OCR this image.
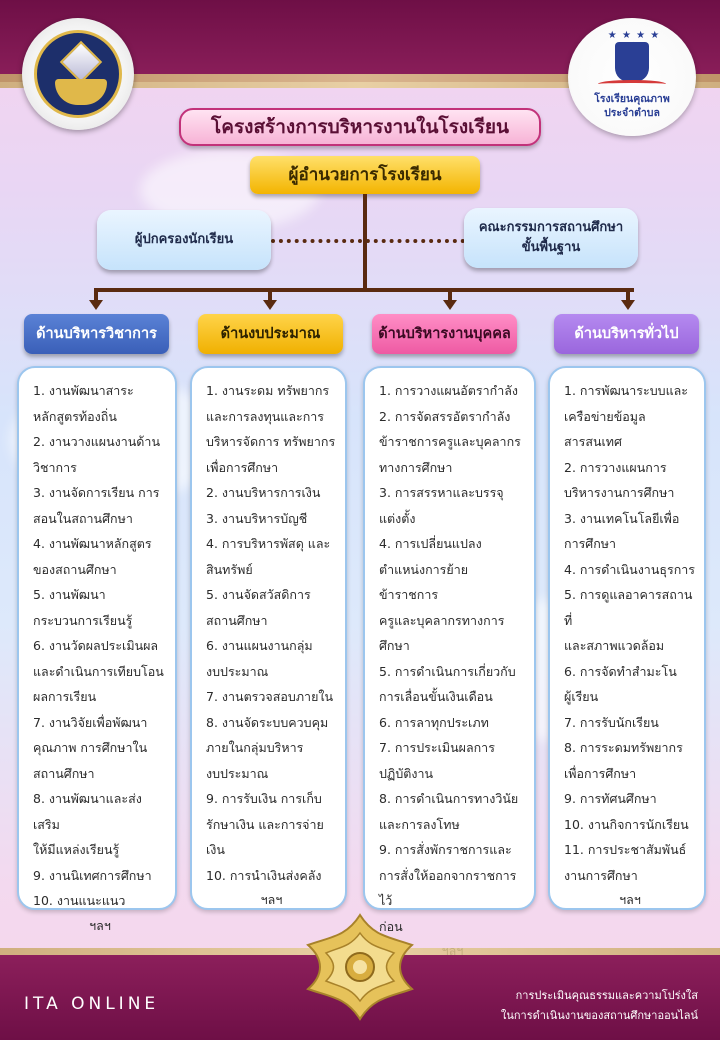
★ ★ ★ ★
โรงเรียนคุณภาพ
ประจำตำบล
โครงสร้างการบริหารงานในโรงเรียน
ผู้อำนวยการโรงเรียน
ผู้ปกครองนักเรียน
คณะกรรมการสถานศึกษา
ขั้นพื้นฐาน
ด้านบริหารวิชาการ	ด้านงบประมาณ	ด้านบริหารงานบุคคล	ด้านบริหารทั่วไป
1. งานพัฒนาสาระ
หลักสูตรท้องถิ่น
2. งานวางแผนงานด้าน
วิชาการ
3. งานจัดการเรียน การ
สอนในสถานศึกษา
4. งานพัฒนาหลักสูตร
ของสถานศึกษา
5. งานพัฒนา
กระบวนการเรียนรู้
6. งานวัดผลประเมินผล
และดำเนินการเทียบโอน
ผลการเรียน
7. งานวิจัยเพื่อพัฒนา
คุณภาพ การศึกษาใน
สถานศึกษา
8. งานพัฒนาและส่งเสริม
ให้มีแหล่งเรียนรู้
9. งานนิเทศการศึกษา
10. งานแนะแนว
ฯลฯ
1. งานระดม ทรัพยากร
และการลงทุนและการ
บริหารจัดการ ทรัพยากร
เพื่อการศึกษา
2. งานบริหารการเงิน
3. งานบริหารบัญชี
4. การบริหารพัสดุ และ
สินทรัพย์
5. งานจัดสวัสดิการ
สถานศึกษา
6. งานแผนงานกลุ่ม
งบประมาณ
7. งานตรวจสอบภายใน
8. งานจัดระบบควบคุม
ภายในกลุ่มบริหาร
งบประมาณ
9. การรับเงิน การเก็บ
รักษาเงิน และการจ่ายเงิน
10. การนำเงินส่งคลัง
ฯลฯ
1. การวางแผนอัตรากำลัง
2. การจัดสรรอัตรากำลัง
ข้าราชการครูและบุคลากร
ทางการศึกษา
3. การสรรหาและบรรจุ
แต่งตั้ง
4. การเปลี่ยนแปลง
ตำแหน่งการย้ายข้าราชการ
ครูและบุคลากรทางการ
ศึกษา
5. การดำเนินการเกี่ยวกับ
การเลื่อนขั้นเงินเดือน
6. การลาทุกประเภท
7. การประเมินผลการ
ปฏิบัติงาน
8. การดำเนินการทางวินัย
และการลงโทษ
9. การสั่งพักราชการและ
การสั่งให้ออกจากราชการไว้
ก่อน
1. การพัฒนาระบบและ
เครือข่ายข้อมูล
สารสนเทศ
2. การวางแผนการ
บริหารงานการศึกษา
3. งานเทคโนโลยีเพื่อ
การศึกษา
4. การดำเนินงานธุรการ
5. การดูแลอาคารสถานที่
และสภาพแวดล้อม
6. การจัดทำสำมะโน
ผู้เรียน
7. การรับนักเรียน
8. การระดมทรัพยากร
เพื่อการศึกษา
9. การทัศนศึกษา
10. งานกิจการนักเรียน
11. การประชาสัมพันธ์
งานการศึกษา
ฯลฯ
ITA ONLINE	การประเมินคุณธรรมและความโปร่งใส
ในการดำเนินงานของสถานศึกษาออนไลน์
